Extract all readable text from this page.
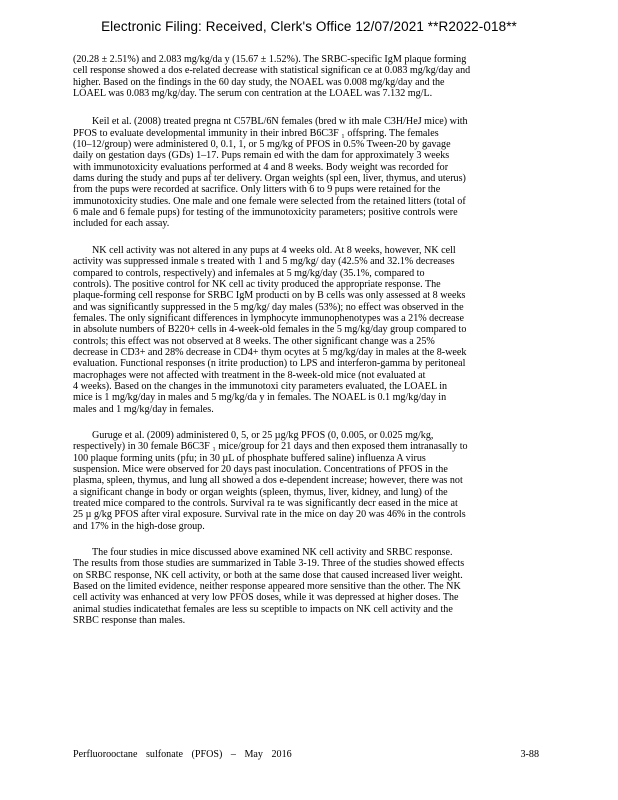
Electronic Filing: Received, Clerk's Office 12/07/2021 **R2022-018**
(20.28 ± 2.51%) and 2.083 mg/kg/da y (15.67 ± 1.52%). The SRBC-specific IgM plaque forming
cell response showed a dos e-related decrease with statistical significan ce at 0.083 mg/kg/day and
higher. Based on the findings in the 60 day study, the NOAEL was 0.008 mg/kg/day and the
LOAEL was 0.083 mg/kg/day. The serum con centration at the LOAEL was 7.132 mg/L.
Keil et al. (2008) treated pregna nt C57BL/6N females (bred w ith male C3H/HeJ mice) with
PFOS to evaluate developmental immunity in their inbred B6C3F ₁ offspring. The females
(10–12/group) were administered 0, 0.1, 1, or 5 mg/kg of PFOS in 0.5% Tween-20 by gavage
daily on gestation days (GDs) 1–17. Pups remain ed with the dam for approximately 3 weeks
with immunotoxicity evaluations performed at 4 and 8 weeks. Body weight was recorded for
dams during the study and pups af ter delivery. Organ weights (spl een, liver, thymus, and uterus)
from the pups were recorded at sacrifice. Only litters with 6 to 9 pups were retained for the
immunotoxicity studies. One male and one female were selected from the retained litters (total of
6 male and 6 female pups) for testing of the immunotoxicity parameters; positive controls were
included for each assay.
NK cell activity was not altered in any pups at 4 weeks old. At 8 weeks, however, NK cell
activity was suppressed inmale s treated with 1 and 5 mg/kg/ day (42.5% and 32.1% decreases
compared to controls, respectively) and infemales at 5 mg/kg/day (35.1%, compared to
controls). The positive control for NK cell ac tivity produced the appropriate response. The
plaque-forming cell response for SRBC IgM producti on by B cells was only assessed at 8 weeks
and was significantly suppressed in the 5 mg/kg/ day males (53%); no effect was observed in the
females. The only significant differences in lymphocyte immunophenotypes was a 21% decrease
in absolute numbers of B220+ cells in 4-week-old females in the 5 mg/kg/day group compared to
controls; this effect was not observed at 8 weeks. The other significant change was a 25%
decrease in CD3+ and 28% decrease in CD4+ thym ocytes at 5 mg/kg/day in males at the 8-week
evaluation. Functional responses (n itrite production) to LPS and interferon-gamma by peritoneal
macrophages were not affected with treatment in the 8-week-old mice (not evaluated at
4 weeks). Based on the changes in the immunotoxi city parameters evaluated, the LOAEL in
mice is 1 mg/kg/day in males and 5 mg/kg/da y in females. The NOAEL is 0.1 mg/kg/day in
males and 1 mg/kg/day in females.
Guruge et al. (2009) administered 0, 5, or 25 µg/kg PFOS (0, 0.005, or 0.025 mg/kg,
respectively) in 30 female B6C3F ₁ mice/group for 21 days and then exposed them intranasally to
100 plaque forming units (pfu; in 30 µL of phosphate buffered saline) influenza A virus
suspension. Mice were observed for 20 days past inoculation. Concentrations of PFOS in the
plasma, spleen, thymus, and lung all showed a dos e-dependent increase; however, there was not
a significant change in body or organ weights (spleen, thymus, liver, kidney, and lung) of the
treated mice compared to the controls. Survival ra te was significantly decr eased in the mice at
25 µ g/kg PFOS after viral exposure. Survival rate in the mice on day 20 was 46% in the controls
and 17% in the high-dose group.
The four studies in mice discussed above examined NK cell activity and SRBC response.
The results from those studies are summarized in Table 3-19. Three of the studies showed effects
on SRBC response, NK cell activity, or both at the same dose that caused increased liver weight.
Based on the limited evidence, neither response appeared more sensitive than the other. The NK
cell activity was enhanced at very low PFOS doses, while it was depressed at higher doses. The
animal studies indicatethat females are less su sceptible to impacts on NK cell activity and the
SRBC response than males.
Perfluorooctane sulfonate (PFOS) – May 2016	3-88
